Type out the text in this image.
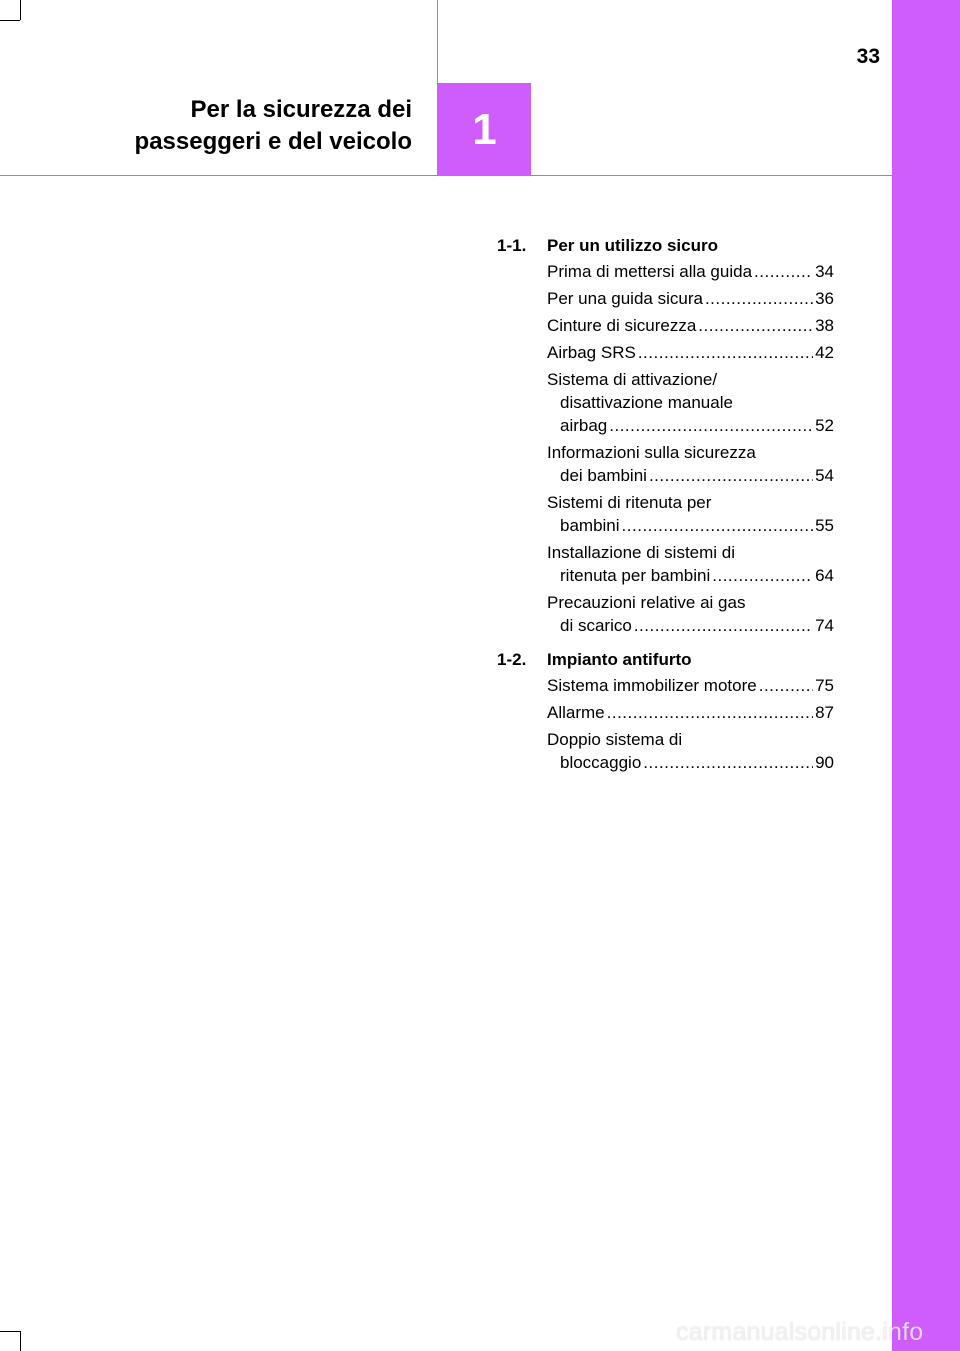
Per la sicurezza dei
passeggeri e del veicolo 1
33
1-1.	Per un utilizzo sicuro
Prima di mettersi alla guida .....	34
Per una guida sicura .....	36
Cinture di sicurezza .....	38
Airbag SRS .....	42
Sistema di attivazione/
disattivazione manuale
airbag .....	52
Informazioni sulla sicurezza
dei bambini .....	54
Sistemi di ritenuta per
bambini .....	55
Installazione di sistemi di
ritenuta per bambini .....	64
Precauzioni relative ai gas
di scarico .....	74
1-2.	Impianto antifurto
Sistema immobilizer motore .....	75
Allarme .....	87
Doppio sistema di
bloccaggio .....	90
carmanualsonline.info
